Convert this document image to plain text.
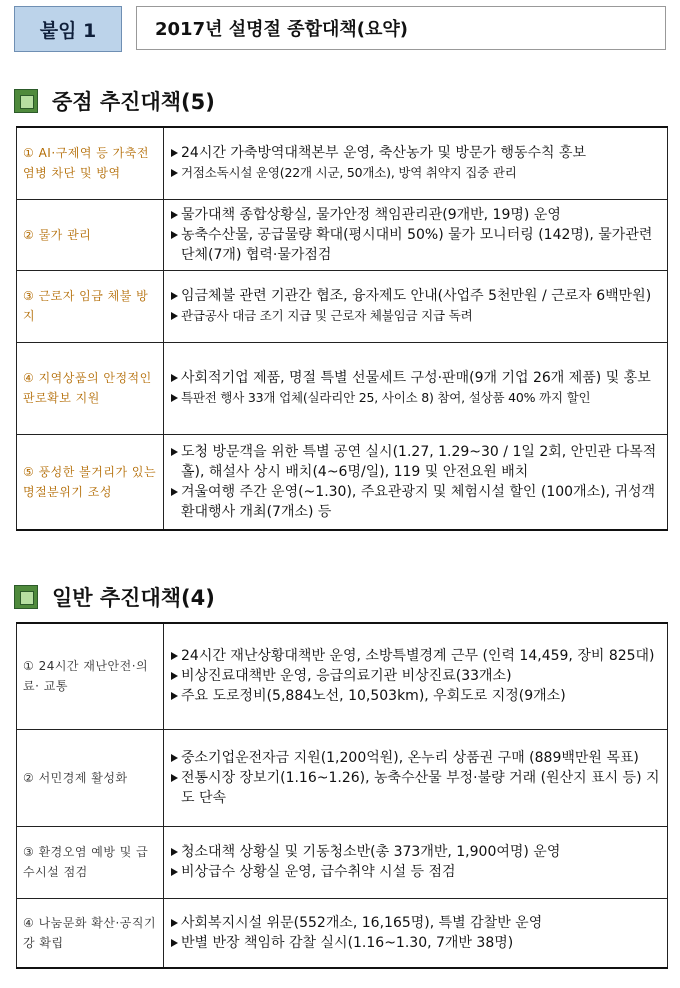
붙임 1	2017년 설명절 종합대책(요약)
중점 추진대책(5)
① AI·구제역 등 가축전염병 차단 및 방역	24시간 가축방역대책본부 운영, 축산농가 및 방문가 행동수칙 홍보
거점소독시설 운영(22개 시군, 50개소), 방역 취약지 집중 관리

② 물가 관리	물가대책 종합상황실, 물가안정 책임관리관(9개반, 19명) 운영
농축수산물, 공급물량 확대(평시대비 50%) 물가 모니터링 (142명), 물가관련 단체(7개) 협력·물가점검

③ 근로자 임금 체불 방지	임금체불 관련 기관간 협조, 융자제도 안내(사업주 5천만원 / 근로자 6백만원)
관급공사 대금 조기 지급 및 근로자 체불임금 지급 독려

④ 지역상품의 안정적인 판로확보 지원	사회적기업 제품, 명절 특별 선물세트 구성·판매(9개 기업 26개 제품) 및 홍보
특판전 행사 33개 업체(실라리안 25, 사이소 8) 참여, 설상품 40% 까지 할인

⑤ 풍성한 볼거리가 있는 명절분위기 조성	도청 방문객을 위한 특별 공연 실시(1.27, 1.29~30 / 1일 2회, 안민관 다목적홀), 해설사 상시 배치(4~6명/일), 119 및 안전요원 배치
겨울여행 주간 운영(~1.30), 주요관광지 및 체험시설 할인 (100개소), 귀성객 환대행사 개최(7개소) 등
일반 추진대책(4)
① 24시간 재난안전·의료· 교통	24시간 재난상황대책반 운영, 소방특별경계 근무 (인력 14,459, 장비 825대)
비상진료대책반 운영, 응급의료기관 비상진료(33개소)
주요 도로정비(5,884노선, 10,503km), 우회도로 지정(9개소)

② 서민경제 활성화	중소기업운전자금 지원(1,200억원), 온누리 상품권 구매 (889백만원 목표)
전통시장 장보기(1.16~1.26), 농축수산물 부정·불량 거래 (원산지 표시 등) 지도 단속

③ 환경오염 예방 및 급수시설 점검	청소대책 상황실 및 기동청소반(총 373개반, 1,900여명) 운영
비상급수 상황실 운영, 급수취약 시설 등 점검

④ 나눔문화 확산·공직기강 확립	사회복지시설 위문(552개소, 16,165명), 특별 감찰반 운영
반별 반장 책임하 감찰 실시(1.16~1.30, 7개반 38명)
